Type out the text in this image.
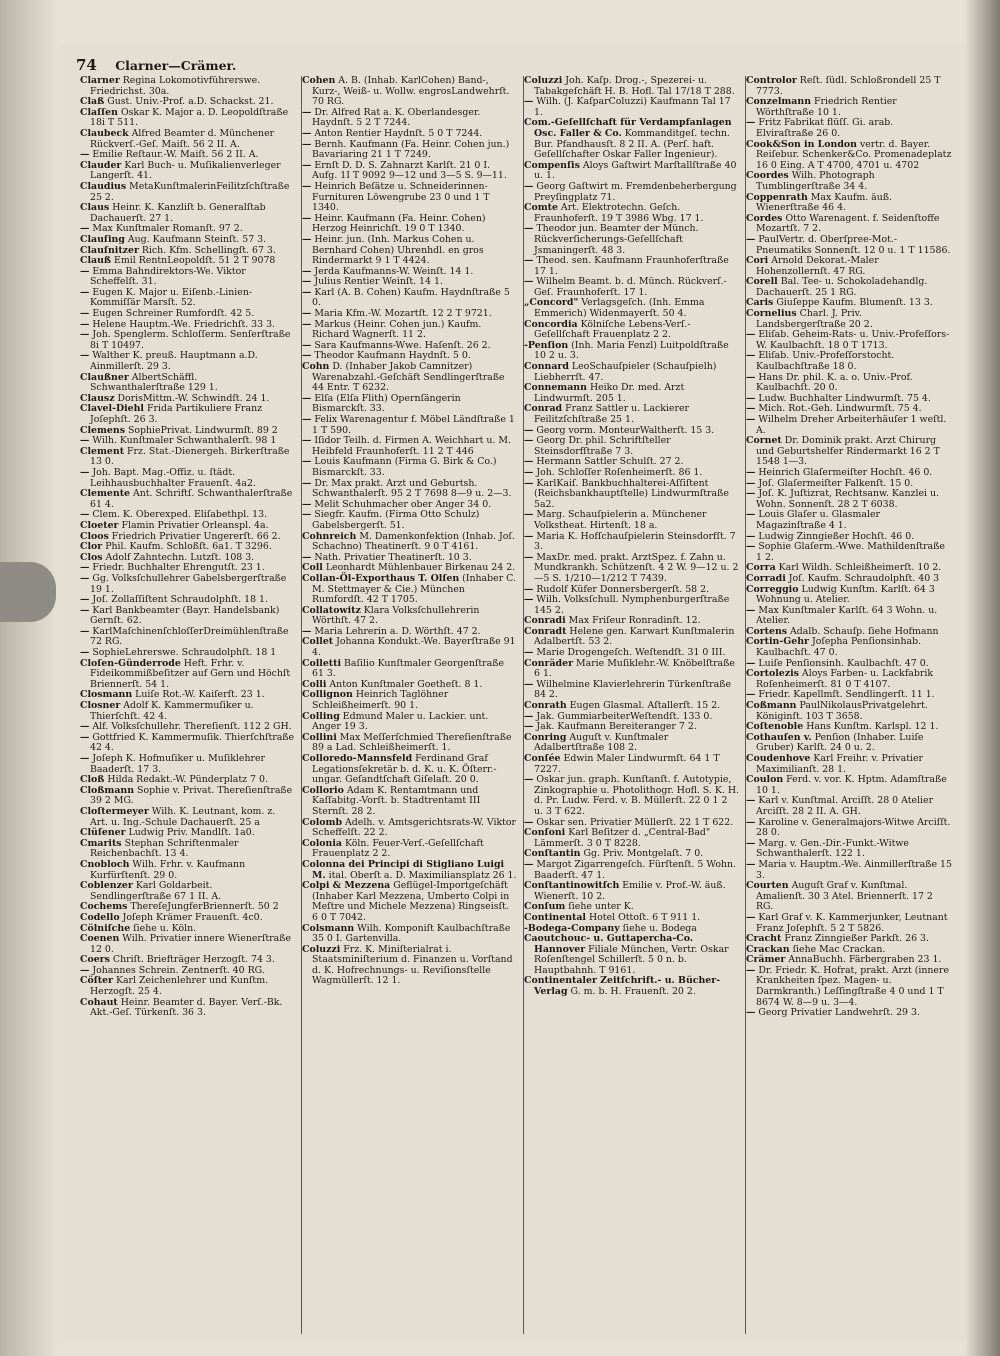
74 Clarner—Crämer.

Clarner Regina Lokomotivführerswe. Friedrichst. 30a.

Claß Gust. Univ.-Prof. a.D. Schackst. 21.

Claſſen Oskar K. Major a. D. Leopoldſtraße 18i T 511.

Claubeck Alfred Beamter d. Münchener Rückverſ.-Geſ. Maiſt. 56 2 II. A.

— Emilie Reſtaur.-W. Maiſt. 56 2 II. A.

Clauder Karl Buch- u. Muſikalienverleger Langerſt. 41.

Claudius MetaKunſtmalerinFeilitzſchſtraße 25 2.

Claus Heinr. K. Kanzliſt b. Generalſtab Dachauerſt. 27 1.

— Max Kunſtmaler Romanſt. 97 2.

Clauſing Aug. Kaufmann Steinſt. 57 3.

Clauſnitzer Rich. Kfm. Schellingſt. 67 3.

Clauß Emil RentnLeopoldſt. 51 2 T 9078

— Emma Bahndirektors-We. Viktor Scheffelſt. 31.

— Eugen K. Major u. Eiſenb.-Linien-Kommiſſär Marsſt. 52.

— Eugen Schreiner Rumfordſt. 42 5.

— Helene Hauptm.-We. Friedrichſt. 33 3.

— Joh. Spenglerm. Schloſſerm. Senſerſtraße 8i T 10497.

— Walther K. preuß. Hauptmann a.D. Ainmillerſt. 29 3.

Claußner AlbertSchäffl. Schwanthalerſtraße 129 1.

Clausz DorisMittm.-W. Schwindſt. 24 1.

Clavel-Diehl Frida Partikuliere Franz Joſephſt. 26 3.

Clemens SophiePrivat. Lindwurmſt. 89 2

— Wilh. Kunſtmaler Schwanthalerſt. 98 1

Clement Frz. Stat.-Dienergeh. Birkerſtraße 13 0.

— Joh. Bapt. Mag.-Offiz. u. ſtädt. Leihhausbuchhalter Frauenſt. 4a2.

Clemente Ant. Schriftſ. Schwanthalerſtraße 61 4.

— Clem. K. Oberexped. Eliſabethpl. 13.

Cloeter Flamin Privatier Orleanspl. 4a.

Cloos Friedrich Privatier Ungererſt. 66 2.

Clor Phil. Kaufm. Schloßſt. 6a1. T 3296.

Clos Adolf Zahntechn. Lutzſt. 108 3.

— Friedr. Buchhalter Ehrengutſt. 23 1.

— Gg. Volksſchullehrer Gabelsbergerſtraße 19 1.

— Joſ. Zollaſſiſtent Schraudolphſt. 18 1.

— Karl Bankbeamter (Bayr. Handelsbank) Gernſt. 62.

— KarlMaſchinenſchloſſerDreimühlenſtraße 72 RG.

— SophieLehrerswe. Schraudolphſt. 18 1

Cloſen-Günderrode Heft. Frhr. v. Fideikommißbeſitzer auf Gern und Höchſt Briennerſt. 54 1.

Closmann Luiſe Rot.-W. Kaiſerſt. 23 1.

Closner Adolf K. Kammermuſiker u. Thierſchſt. 42 4.

— Alf. Volksſchullehr. Thereſienſt. 112 2 GH.

— Gottfried K. Kammermuſik. Thierſchſtraße 42 4.

— Joſeph K. Hofmuſiker u. Muſiklehrer Baaderſt. 17 3.

Cloß Hilda Redakt.-W. Pünderplatz 7 0.

Cloßmann Sophie v. Privat. Thereſienſtraße 39 2 MG.

Cloſtermeyer Wilh. K. Leutnant, kom. z. Art. u. Ing.-Schule Dachauerſt. 25 a

Clüſener Ludwig Priv. Mandlſt. 1a0.

Cmarits Stephan Schriftenmaler Reichenbachſt. 13 4.

Cnobloch Wilh. Frhr. v. Kaufmann Kurfürſtenſt. 29 0.

Coblenzer Karl Goldarbeit. Sendlingerſtraße 67 1 II. A.

Cochems ThereſeJungferBriennerſt. 50 2

Codello Joſeph Krämer Frauenſt. 4c0.

Cölniſche ſiehe u. Köln.

Coenen Wilh. Privatier innere Wienerſtraße 12 0.

Coers Chriſt. Briefträger Herzogſt. 74 3.

— Johannes Schrein. Zentnerſt. 40 RG.

Cöſter Karl Zeichenlehrer und Kunſtm. Herzogſt. 25 4.

Cohaut Heinr. Beamter d. Bayer. Verſ.-Bk. Akt.-Geſ. Türkenſt. 36 3.

Cohen A. B. (Inhab. KarlCohen) Band-, Kurz-, Weiß- u. Wollw. engrosLandwehrſt. 70 RG.

— Dr. Alfred Rat a. K. Oberlandesger. Haydnſt. 5 2 T 7244.

— Anton Rentier Haydnſt. 5 0 T 7244.

— Bernh. Kaufmann (Fa. Heinr. Cohen jun.) Bavariaring 21 1 T 7249.

— Ernſt D. D. S. Zahnarzt Karlſt. 21 0 I. Aufg. 1I T 9092 9—12 und 3—5 S. 9—11.

— Heinrich Beſätze u. Schneiderinnen-Furnituren Löwengrube 23 0 und 1 T 1340.

— Heinr. Kaufmann (Fa. Heinr. Cohen) Herzog Heinrichſt. 19 0 T 1340.

— Heinr. jun. (Inh. Markus Cohen u. Bernhard Cohen) Uhrenhdl. en gros Rindermarkt 9 1 T 4424.

— Jerda Kaufmanns-W. Weinſt. 14 1.

— Julius Rentier Weinſt. 14 1.

— Karl (A. B. Cohen) Kaufm. Haydnſtraße 5 0.

— Maria Kfm.-W. Mozartſt. 12 2 T 9721.

— Markus (Heinr. Cohen jun.) Kaufm. Richard Wagnerſt. 11 2.

— Sara Kaufmanns-Wwe. Haſenſt. 26 2.

— Theodor Kaufmann Haydnſt. 5 0.

Cohn D. (Inhaber Jakob Camnitzer) Warenabzahl.-Geſchäft Sendlingerſtraße 44 Entr. T 6232.

— Elſa (Elſa Flith) Opernſängerin Bismarckſt. 33.

— Felix Warenagentur f. Möbel Ländſtraße 1 1 T 590.

— Iſidor Teilh. d. Firmen A. Weichhart u. M. Heibfeld Fraunhoferſt. 11 2 T 446

— Louis Kaufmann (Firma G. Birk & Co.) Bismarckſt. 33.

— Dr. Max prakt. Arzt und Geburtsh. Schwanthalerſt. 95 2 T 7698 8—9 u. 2—3.

— Melit Schuhmacher ober Anger 34 0.

— Siegfr. Kaufm. (Firma Otto Schulz) Gabelsbergerſt. 51.

Cohnreich M. Damenkonfektion (Inhab. Joſ. Schachno) Theatinerſt. 9 0 T 4161.

— Nath. Privatier Theatinerſt. 10 3.

Coll Leonhardt Mühlenbauer Birkenau 24 2.

Collan-Öl-Exporthaus T. Olſen (Inhaber C. M. Stettmayer & Cie.) München Rumfordſt. 42 T 1705.

Collatowitz Klara Volksſchullehrerin Wörthſt. 47 2.

— Maria Lehrerin a. D. Wörthſt. 47 2.

Collet Johanna Kondukt.-We. Bayerſtraße 91 4.

Colletti Baſilio Kunſtmaler Georgenſtraße 61 3.

Colli Anton Kunſtmaler Goetheſt. 8 1.

Collignon Heinrich Taglöhner Schleißheimerſt. 90 1.

Colling Edmund Maler u. Lackier. unt. Anger 19 3.

Collini Max Meſſerſchmied Thereſienſtraße 89 a Lad. Schleißheimerſt. 1.

Colloredo-Mannsfeld Ferdinand Graf Legationsſekretär b. d. K. u. K. Öſterr.-ungar. Geſandtſchaft Giſelaſt. 20 0.

Collorio Adam K. Rentamtmann und Kaſſabitg.-Vorſt. b. Stadtrentamt III Sternſt. 28 2.

Colomb Adelh. v. Amtsgerichtsrats-W. Viktor Scheffelſt. 22 2.

Colonia Köln. Feuer-Verſ.-Geſellſchaft Frauenplatz 2 2.

Colonna dei Principi di Stigliano Luigi M. ital. Oberſt a. D. Maximiliansplatz 26 1.

Colpi & Mezzena Geflügel-Importgeſchäft (Inhaber Karl Mezzena, Umberto Colpi in Meſtre und Michele Mezzena) Ringseisſt. 6 0 T 7042.

Colsmann Wilh. Komponiſt Kaulbachſtraße 35 0 I. Gartenvilla.

Coluzzi Frz. K. Miniſterialrat i. Staatsminiſterium d. Finanzen u. Vorſtand d. K. Hofrechnungs- u. Reviſionsſtelle Wagmüllerſt. 12 1.

Coluzzi Joh. Kaſp. Drog.-, Spezerei- u. Tabakgeſchäft H. B. Hofl. Tal 17/18 T 288.

— Wilh. (J. KaſparColuzzi) Kaufmann Tal 17 1.

Com.-Geſellſchaft für Verdampfanlagen Osc. Faller & Co. Kommanditgeſ. techn. Bur. Pfandhausſt. 8 2 II. A. (Perſ. haft. Geſellſchafter Oskar Faller Ingenieur).

Compenſis Aloys Gaſtwirt Marſtallſtraße 40 u. 1.

— Georg Gaſtwirt m. Fremdenbeherbergung Preyſingplatz 71.

Comte Art. Elektrotechn. Geſch. Fraunhoferſt. 19 T 3986 Wbg. 17 1.

— Theodor jun. Beamter der Münch. Rückverſicherungs-Geſellſchaft Jsmaningerſt. 48 3.

— Theod. sen. Kaufmann Fraunhoferſtraße 17 1.

— Wilhelm Beamt. b. d. Münch. Rückverſ.-Geſ. Fraunhoferſt. 17 1.

„Concord" Verlagsgeſch. (Inh. Emma Emmerich) Widenmayerſt. 50 4.

Concordia Kölniſche Lebens-Verſ.-Geſellſchaft Frauenplatz 2 2.

-Penſion (Inh. Maria Fenzl) Luitpoldſtraße 10 2 u. 3.

Connard LeoSchauſpieler (Schauſpielh) Liebherrſt. 47.

Connemann Heiko Dr. med. Arzt Lindwurmſt. 205 1.

Conrad Franz Sattler u. Lackierer Feilitzſchſtraße 25 1.

— Georg vorm. MonteurWaltherſt. 15 3.

— Georg Dr. phil. Schriftſteller Steinsdorfſtraße 7 3.

— Hermann Sattler Schulſt. 27 2.

— Joh. Schloſſer Roſenheimerſt. 86 1.

— KarlKaiſ. Bankbuchhalterei-Aſſiſtent (Reichsbankhauptſtelle) Lindwurmſtraße 5a2.

— Marg. Schauſpielerin a. Münchener Volkstheat. Hirtenſt. 18 a.

— Maria K. Hofſchauſpielerin Steinsdorfſt. 7 3.

— MaxDr. med. prakt. ArztSpez. f. Zahn u. Mundkrankh. Schützenſt. 4 2 W. 9—12 u. 2—5 S. 1/210—1/212 T 7439.

— Rudolf Küfer Donnersbergerſt. 58 2.

— Wilh. Volksſchull. Nymphenburgerſtraße 145 2.

Conradi Max Friſeur Ronradinſt. 12.

Conradt Helene gen. Karwart Kunſtmalerin Adalbertſt. 53 2.

— Marie Drogengeſch. Weſtendſt. 31 0 III.

Conräder Marie Muſiklehr.-W. Knöbelſtraße 6 1.

— Wilhelmine Klavierlehrerin Türkenſtraße 84 2.

Conrath Eugen Glasmal. Aſtallerſt. 15 2.

— Jak. GummiarbeiterWeſtendſt. 133 0.

— Jak. Kaufmann Bereiteranger 7 2.

Conring Auguſt v. Kunſtmaler Adalbertſtraße 108 2.

Conſée Edwin Maler Lindwurmſt. 64 1 T 7227.

— Oskar jun. graph. Kunſtanſt. f. Autotypie, Zinkographie u. Photolithogr. Hofl. S. K. H. d. Pr. Ludw. Ferd. v. B. Müllerſt. 22 0 1 2 u. 3 T 622.

— Oskar sen. Privatier Müllerſt. 22 1 T 622.

Conſoni Karl Beſitzer d. „Central-Bad" Lämmerſt. 3 0 T 8228.

Conſtantin Gg. Priv. Montgelaſt. 7 0.

— Margot Zigarrengeſch. Fürſtenſt. 5 Wohn. Baaderſt. 47 1.

Conſtantinowitſch Emilie v. Prof.-W. äuß. Wienerſt. 10 2.

Conſum ſiehe unter K.

Continental Hotel Ottoſt. 6 T 911 1.

-Bodega-Company ſiehe u. Bodega

Caoutchouc- u. Guttapercha-Co. Hannover Filiale München, Vertr. Oskar Roſenſtengel Schillerſt. 5 0 n. b. Hauptbahnh. T 9161.

Continentaler Zeitſchrift.- u. Bücher-Verlag G. m. b. H. Frauenſt. 20 2.

Controlor Reſt. ſüdl. Schloßrondell 25 T 7773.

Conzelmann Friedrich Rentier Wörthſtraße 10 1.

— Fritz Fabrikat flüſſ. Gi. arab. Elviraſtraße 26 0.

Cook&Son in London vertr. d. Bayer. Reiſebur. Schenker&Co. Promenadeplatz 16 0 Eing. A T 4700, 4701 u. 4702

Coordes Wilh. Photograph Tumblingerſtraße 34 4.

Coppenrath Max Kaufm. äuß. Wienerſtraße 46 4.

Cordes Otto Warenagent. f. Seidenſtoffe Mozartſt. 7 2.

— PaulVertr. d. Oberſpree-Mot.-Pneumatiks Sonnenſt. 12 0 u. 1 T 11586.

Cori Arnold Dekorat.-Maler Hohenzollernſt. 47 RG.

Corell Bal. Tee- u. Schokoladehandlg. Dachauerſt. 25 1 RG.

Caris Giuſeppe Kaufm. Blumenſt. 13 3.

Cornelius Charl. J. Priv. Landsbergerſtraße 20 2.

— Eliſab. Geheim-Rats- u. Univ.-Profeſſors-W. Kaulbachſt. 18 0 T 1713.

— Eliſab. Univ.-Profeſſorstocht. Kaulbachſtraße 18 0.

— Hans Dr. phil. K. a. o. Univ.-Prof. Kaulbachſt. 20 0.

— Ludw. Buchhalter Lindwurmſt. 75 4.

— Mich. Rot.-Geh. Lindwurmſt. 75 4.

— Wilhelm Dreher Arbeiterhäuſer 1 weſtl. A.

Cornet Dr. Dominik prakt. Arzt Chirurg und Geburtshelfer Rindermarkt 16 2 T 1548 1—3.

— Heinrich Glaſermeiſter Hochſt. 46 0.

— Joſ. Glaſermeiſter Falkenſt. 15 0.

— Joſ. K. Juſtizrat, Rechtsanw. Kanzlei u. Wohn. Sonnenſt. 28 2 T 6038.

— Louis Glaſer u. Glasmaler Magazinſtraße 4 1.

— Ludwig Zinngießer Hochſt. 46 0.

— Sophie Glaſerm.-Wwe. Mathildenſtraße 1 2.

Corra Karl Wildh. Schleißheimerſt. 10 2.

Corradi Joſ. Kaufm. Schraudolphſt. 40 3

Correggio Ludwig Kunſtm. Karlſt. 64 3 Wohnung u. Atelier.

— Max Kunſtmaler Karlſt. 64 3 Wohn. u. Atelier.

Cortens Adalb. Schauſp. ſiehe Hofmann

Cortin-Gehr Joſepha Penſionsinhab. Kaulbachſt. 47 0.

— Luiſe Penſionsinh. Kaulbachſt. 47 0.

Cortolezis Aloys Farben- u. Lackfabrik Roſenheimerſt. 81 0 T 4107.

— Friedr. Kapellmſt. Sendlingerſt. 11 1.

Coßmann PaulNikolausPrivatgelehrt. Königinſt. 103 T 3658.

Coſtenoble Hans Kunſtm. Karlspl. 12 1.

Cothauſen v. Penſion (Inhaber. Luiſe Gruber) Karlſt. 24 0 u. 2.

Coudenhove Karl Freihr. v. Privatier Maximilianſt. 28 1.

Coulon Ferd. v. vor. K. Hptm. Adamſtraße 10 1.

— Karl v. Kunſtmal. Arciſſt. 28 0 Atelier Arciſſt. 28 2 II. A. GH.

— Karoline v. Generalmajors-Witwe Arciſſt. 28 0.

— Marg. v. Gen.-Dir.-Funkt.-Witwe Schwanthalerſt. 122 1.

— Maria v. Hauptm.-We. Ainmillerſtraße 15 3.

Courten Auguſt Graf v. Kunſtmal. Amalienſt. 30 3 Atel. Briennerſt. 17 2 RG.

— Karl Graf v. K. Kammerjunker, Leutnant Franz Joſephſt. 5 2 T 5826.

Cracht Franz Zinngießer Parkſt. 26 3.

Crackan ſiehe Mac Crackan.

Crämer AnnaBuchh. Färbergraben 23 1.

— Dr. Friedr. K. Hofrat, prakt. Arzt (innere Krankheiten ſpez. Magen- u. Darmkranth.) Leſſingſtraße 4 0 und 1 T 8674 W. 8—9 u. 3—4.

— Georg Privatier Landwehrſt. 29 3.
